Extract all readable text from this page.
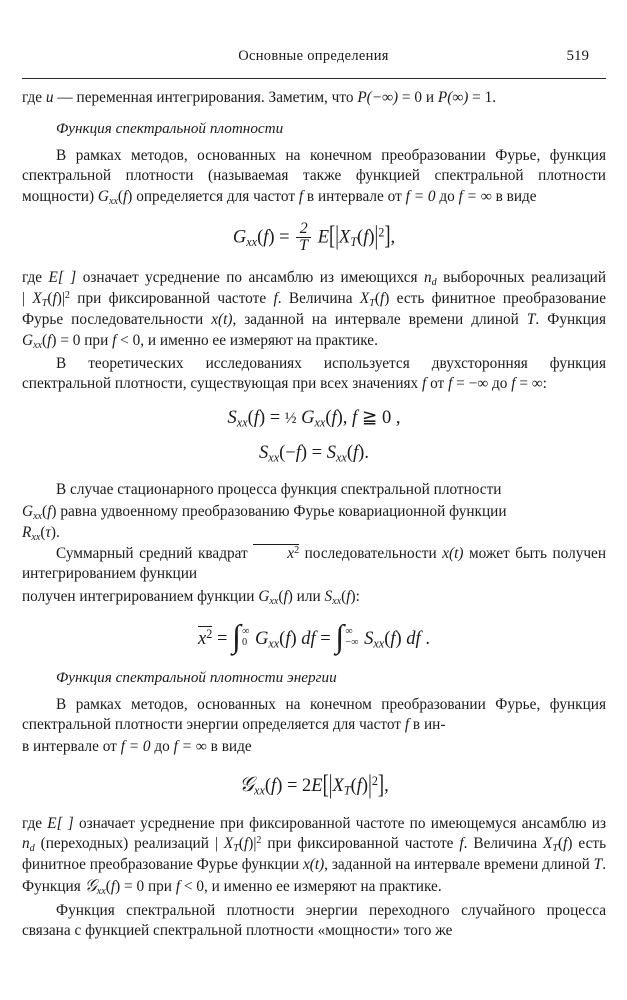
Основные определения	519

где u — переменная интегрирования. Заметим, что P(−∞) = 0 и P(∞) = 1.

Функция спектральной плотности

В рамках методов, основанных на конечном преобразовании Фурье, функция спектральной плотности (называемая также функцией спектральной плотности мощности) $G_{xx}(f)$ определяется для частот f в интервале от f = 0 до f = ∞ в виде

$G_{xx}(f) = \frac{2}{T} E[|X_T(f)|^2]$,

где E[ ] означает усреднение по ансамблю из имеющихся $n_d$ выборочных реализаций | $X_T(f)|^2$ при фиксированной частоте f. Величина $X_T(f)$ есть финитное преобразование Фурье последовательности x(t), заданной на интервале времени длиной T. Функция $G_{xx}(f) = 0$ при f < 0, и именно ее измеряют на практике.

В теоретических исследованиях используется двухсторонняя функция спектральной плотности, существующая при всех значениях f от f = −∞ до f = ∞:

$S_{xx}(f)$ = ½ $G_{xx}(f)$, f ≧ 0 ,
$S_{xx}(-f) = S_{xx}(f)$.

В случае стационарного процесса функция спектральной плотности

$G_{xx}(f)$ равна удвоенному преобразованию Фурье ковариационной функции

$R_{xx}(\tau)$.

Суммарный средний квадрат	$x^2$ последовательности x(t) может быть получен интегрированием функции

получен интегрированием функции $G_{xx}(f)$ или $S_{xx}(f)$:

$x^2$ = ∫ ∞
0 $G_{xx}(f)$ df = ∫ ∞
−∞ $S_{xx}(f)$ df .
Функция спектральной плотности энергии

В рамках методов, основанных на конечном преобразовании Фурье, функция спектральной плотности энергии определяется для частот f в ин-

в интервале от f = 0 до f = ∞ в виде

𝒢$_{xx}$(f) = $2E[|X_T(f)|^2]$,

где E[ ] означает усреднение при фиксированной частоте по имеющемуся ансамблю из $n_d$ (переходных) реализаций | $X_T(f)|^2$ при фиксированной частоте f. Величина $X_T(f)$ есть финитное преобразование Фурье функции x(t), заданной на интервале времени длиной T. Функция 𝒢$_{xx}$(f) = 0 при f < 0, и именно ее измеряют на практике.

Функция спектральной плотности энергии переходного случайного процесса связана с функцией спектральной плотности «мощности» того же
